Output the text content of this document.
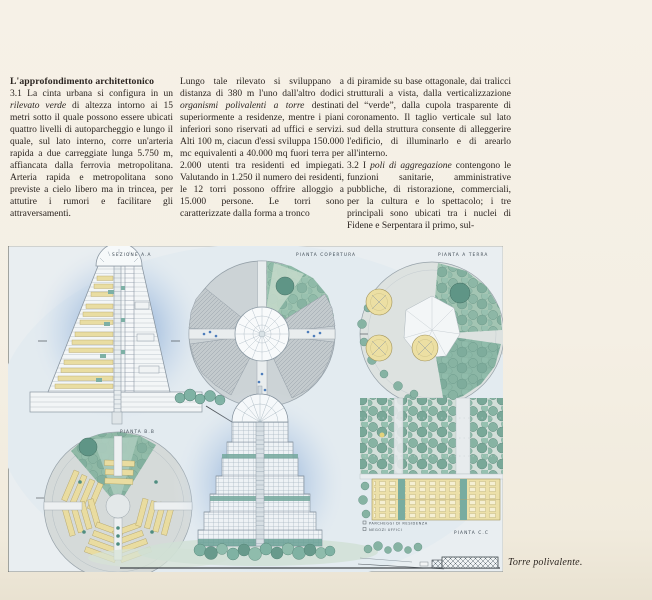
L'approfondimento architettonico

3.1 La cinta urbana si configura in un rilevato verde di altezza intorno ai 15 metri sotto il quale possono essere ubicati quattro livelli di autoparcheggio e lungo il quale, sul lato interno, corre un'arteria rapida a due carreggiate lunga 5.750 m, affiancata dalla ferrovia metropolitana. Arteria rapida e metropolitana sono previste a cielo libero ma in trincea, per attutire i rumori e facilitare gli attraversamenti.

Lungo tale rilevato si sviluppano a distanza di 380 m l'uno dall'altro dodici organismi polivalenti a torre destinati superiormente a residenze, mentre i piani inferiori sono riservati ad uffici e servizi. Alti 100 m, ciacun d'essi sviluppa 150.000 mc equivalenti a 40.000 mq fuori terra per 2.000 utenti tra residenti ed impiegati. Valutando in 1.250 il numero dei residenti, le 12 torri possono offrire alloggio a 15.000 persone. Le torri sono caratterizzate dalla forma a tronco

di piramide su base ottagonale, dai tralicci strutturali a vista, dalla verticalizzazione del “verde”, dalla cupola trasparente di coronamento. Il taglio verticale sul lato sud della struttura consente di alleggerire l'edificio, di illuminarlo e di arearlo all'interno.

3.2 I poli di aggregazione contengono le funzioni sanitarie, amministrative pubbliche, di ristorazione, commerciali, per la cultura e lo spettacolo; i tre principali sono ubicati tra i nuclei di Fidene e Serpentara il primo, sul-

SEZIONE A.A	PIANTA COPERTURA	PIANTA A TERRA
PIANTA B.B
PARCHEGGI DI RESIDENZA
NEGOZI UFFICI
PIANTA C.C
Torre polivalente.
